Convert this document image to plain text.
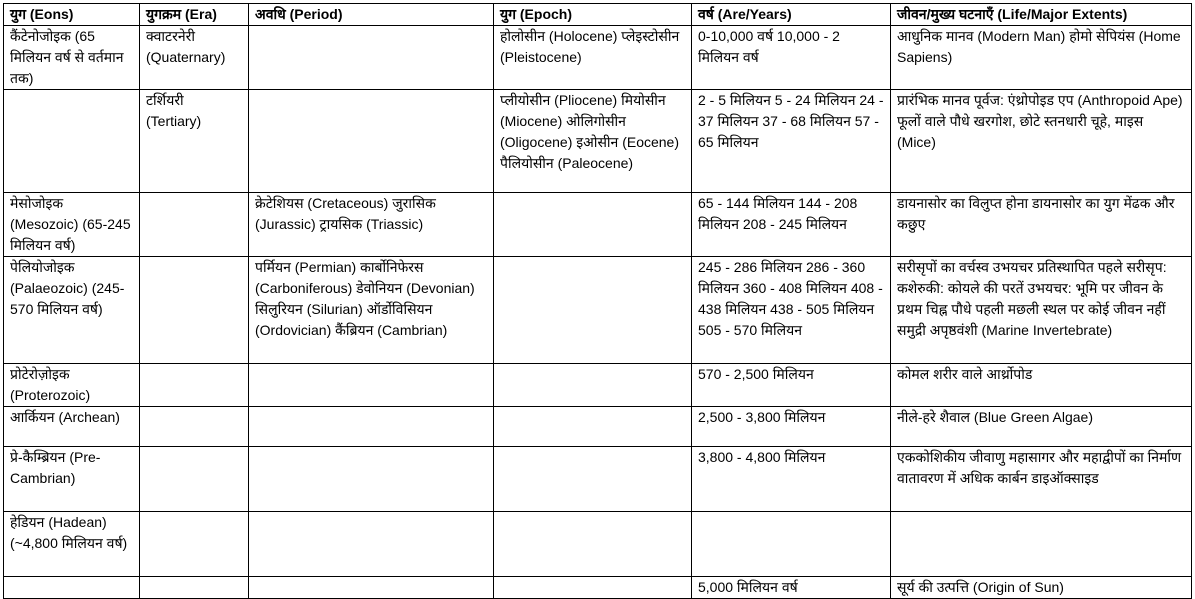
युग (Eons)	युगक्रम (Era)	अवधि (Period)	युग (Epoch)	वर्ष (Are/Years)	जीवन/मुख्य घटनाएँ (Life/Major Extents)
कैंटेनोजोइक (65 मिलियन वर्ष से वर्तमान तक)	क्वाटरनेरी (Quaternary)		होलोसीन (Holocene) प्लेइस्टोसीन (Pleistocene)	0-10,000 वर्ष 10,000 - 2 मिलियन वर्ष	आधुनिक मानव (Modern Man) होमो सेपियंस (Home Sapiens)
	टर्शियरी (Tertiary)		प्लीयोसीन (Pliocene) मियोसीन (Miocene) ओलिगोसीन (Oligocene) इओसीन (Eocene) पैलियोसीन (Paleocene)	2 - 5 मिलियन 5 - 24 मिलियन 24 - 37 मिलियन 37 - 68 मिलियन 57 - 65 मिलियन	प्रारंभिक मानव पूर्वज: एंथ्रोपोइड एप (Anthropoid Ape) फूलों वाले पौधे खरगोश, छोटे स्तनधारी चूहे, माइस (Mice)
मेसोजोइक (Mesozoic) (65-245 मिलियन वर्ष)		क्रेटेशियस (Cretaceous) जुरासिक (Jurassic) ट्रायसिक (Triassic)		65 - 144 मिलियन 144 - 208 मिलियन 208 - 245 मिलियन	डायनासोर का विलुप्त होना डायनासोर का युग मेंढक और कछुए
पेलियोजोइक (Palaeozoic) (245-570 मिलियन वर्ष)		पर्मियन (Permian) कार्बोनिफेरस (Carboniferous) डेवोनियन (Devonian) सिलुरियन (Silurian) ऑर्डोविसियन (Ordovician) कैंब्रियन (Cambrian)		245 - 286 मिलियन 286 - 360 मिलियन 360 - 408 मिलियन 408 - 438 मिलियन 438 - 505 मिलियन 505 - 570 मिलियन	सरीसृपों का वर्चस्व उभयचर प्रतिस्थापित पहले सरीसृप: कशेरुकी: कोयले की परतें उभयचर: भूमि पर जीवन के प्रथम चिह्न पौधे पहली मछली स्थल पर कोई जीवन नहीं समुद्री अपृष्ठवंशी (Marine Invertebrate)
प्रोटेरोज़ोइक (Proterozoic)				570 - 2,500 मिलियन	कोमल शरीर वाले आर्थ्रोपोड
आर्कियन (Archean)				2,500 - 3,800 मिलियन	नीले-हरे शैवाल (Blue Green Algae)
प्रे-कैम्ब्रियन (Pre-Cambrian)				3,800 - 4,800 मिलियन	एककोशिकीय जीवाणु महासागर और महाद्वीपों का निर्माण वातावरण में अधिक कार्बन डाइऑक्साइड
हेडियन (Hadean) (~4,800 मिलियन वर्ष)					
				5,000 मिलियन वर्ष	सूर्य की उत्पत्ति (Origin of Sun)
